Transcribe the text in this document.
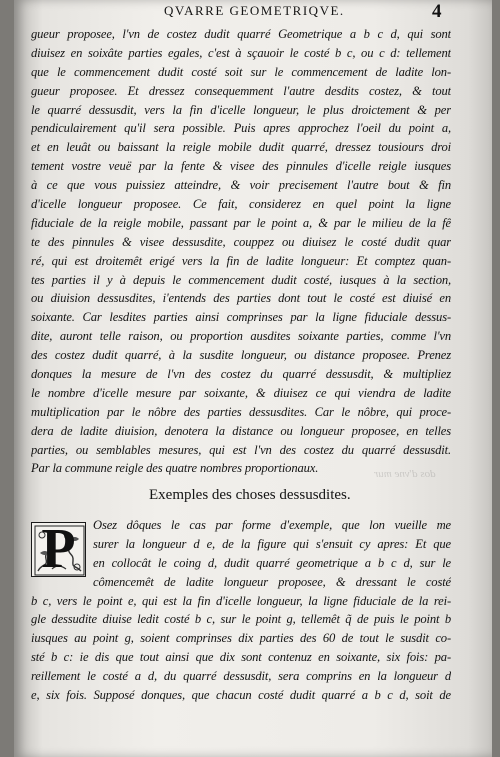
QVARRE GEOMETRIQVE.	4
gueur proposee, l'vn de costez dudit quarré Geometrique a b c d, qui sont
diuisez en soixâte parties egales, c'est à sçauoir le costé b c, ou c d: tellement
que le commencement dudit costé soit sur le commencement de ladite lon-
gueur proposee. Et dressez consequemment l'autre desdits costez, & tout
le quarré dessusdit, vers la fin d'icelle longueur, le plus droictement & per
pendiculairement qu'il sera possible. Puis apres approchez l'oeil du point a,
et en leuât ou baissant la reigle mobile dudit quarré, dressez tousiours droi
tement vostre veuë par la fente & visee des pinnules d'icelle reigle iusques
à ce que vous puissiez atteindre, & voir precisement l'autre bout & fin
d'icelle longueur proposee. Ce fait, considerez en quel point la ligne
fiduciale de la reigle mobile, passant par le point a, & par le milieu de la fê
te des pinnules & visee dessusdite, couppez ou diuisez le costé dudit quar
ré, qui est droitemêt erigé vers la fin de ladite longueur: Et comptez quan-
tes parties il y à depuis le commencement dudit costé, iusques à la section,
ou diuision dessusdites, i'entends des parties dont tout le costé est diuisé en
soixante. Car lesdites parties ainsi comprinses par la ligne fiduciale dessus-
dite, auront telle raison, ou proportion ausdites soixante parties, comme l'vn
des costez dudit quarré, à la susdite longueur, ou distance proposee. Prenez
donques la mesure de l'vn des costez du quarré dessusdit, & multipliez
le nombre d'icelle mesure par soixante, & diuisez ce qui viendra de ladite
multiplication par le nôbre des parties dessusdites. Car le nôbre, qui proce-
dera de ladite diuision, denotera la distance ou longueur proposee, en telles
parties, ou semblables mesures, qui est l'vn des costez du quarré dessusdit.
Par la commune reigle des quatre nombres proportionaux.	dos d'vne mur
Exemples des choses dessusdites.
P	Osez dôques le cas par forme d'exemple, que lon vueille me
surer la longueur d e, de la figure qui s'ensuit cy apres: Et que
en collocât le coing d, dudit quarré geometrique a b c d, sur le
cômencemêt de ladite longueur proposee, & dressant le costé
b c, vers le point e, qui est la fin d'icelle longueur, la ligne fiduciale de la rei-
gle dessudite diuise ledit costé b c, sur le point g, tellemêt q̃ de puis le point b
iusques au point g, soient comprinses dix parties des 60 de tout le susdit co-
sté b c: ie dis que tout ainsi que dix sont contenuz en soixante, six fois: pa-
reillement le costé a d, du quarré dessusdit, sera comprins en la longueur d
e, six fois. Supposé donques, que chacun costé dudit quarré a b c d, soit de
